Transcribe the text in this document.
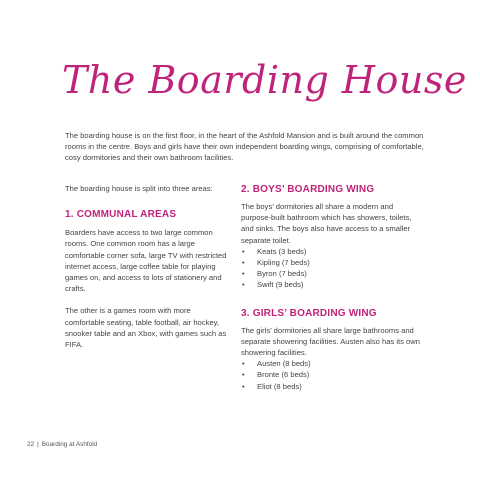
The Boarding House

The boarding house is on the first floor, in the heart of the Ashfold Mansion and is built around the common rooms in the centre. Boys and girls have their own independent boarding wings, comprising of comfortable, cosy dormitories and their own bathroom facilities.

The boarding house is split into three areas:

1. COMMUNAL AREAS

Boarders have access to two large common rooms. One common room has a large comfortable corner sofa, large TV with restricted internet access, large coffee table for playing games on, and access to lots of stationery and crafts.

The other is a games room with more comfortable seating, table football, air hockey, snooker table and an Xbox, with games such as FIFA.

2. BOYS’ BOARDING WING

The boys’ dormitories all share a modern and purpose-built bathroom which has showers, toilets, and sinks. The boys also have access to a smaller separate toilet.

• Keats (3 beds)
• Kipling (7 beds)
• Byron (7 beds)
• Swift (9 beds)
3. GIRLS’ BOARDING WING

The girls’ dormitories all share large bathrooms and separate showering facilities. Austen also has its own showering facilities.

• Austen (8 beds)
• Bronte (6 beds)
• Eliot (8 beds)
22 | Boarding at Ashfold
